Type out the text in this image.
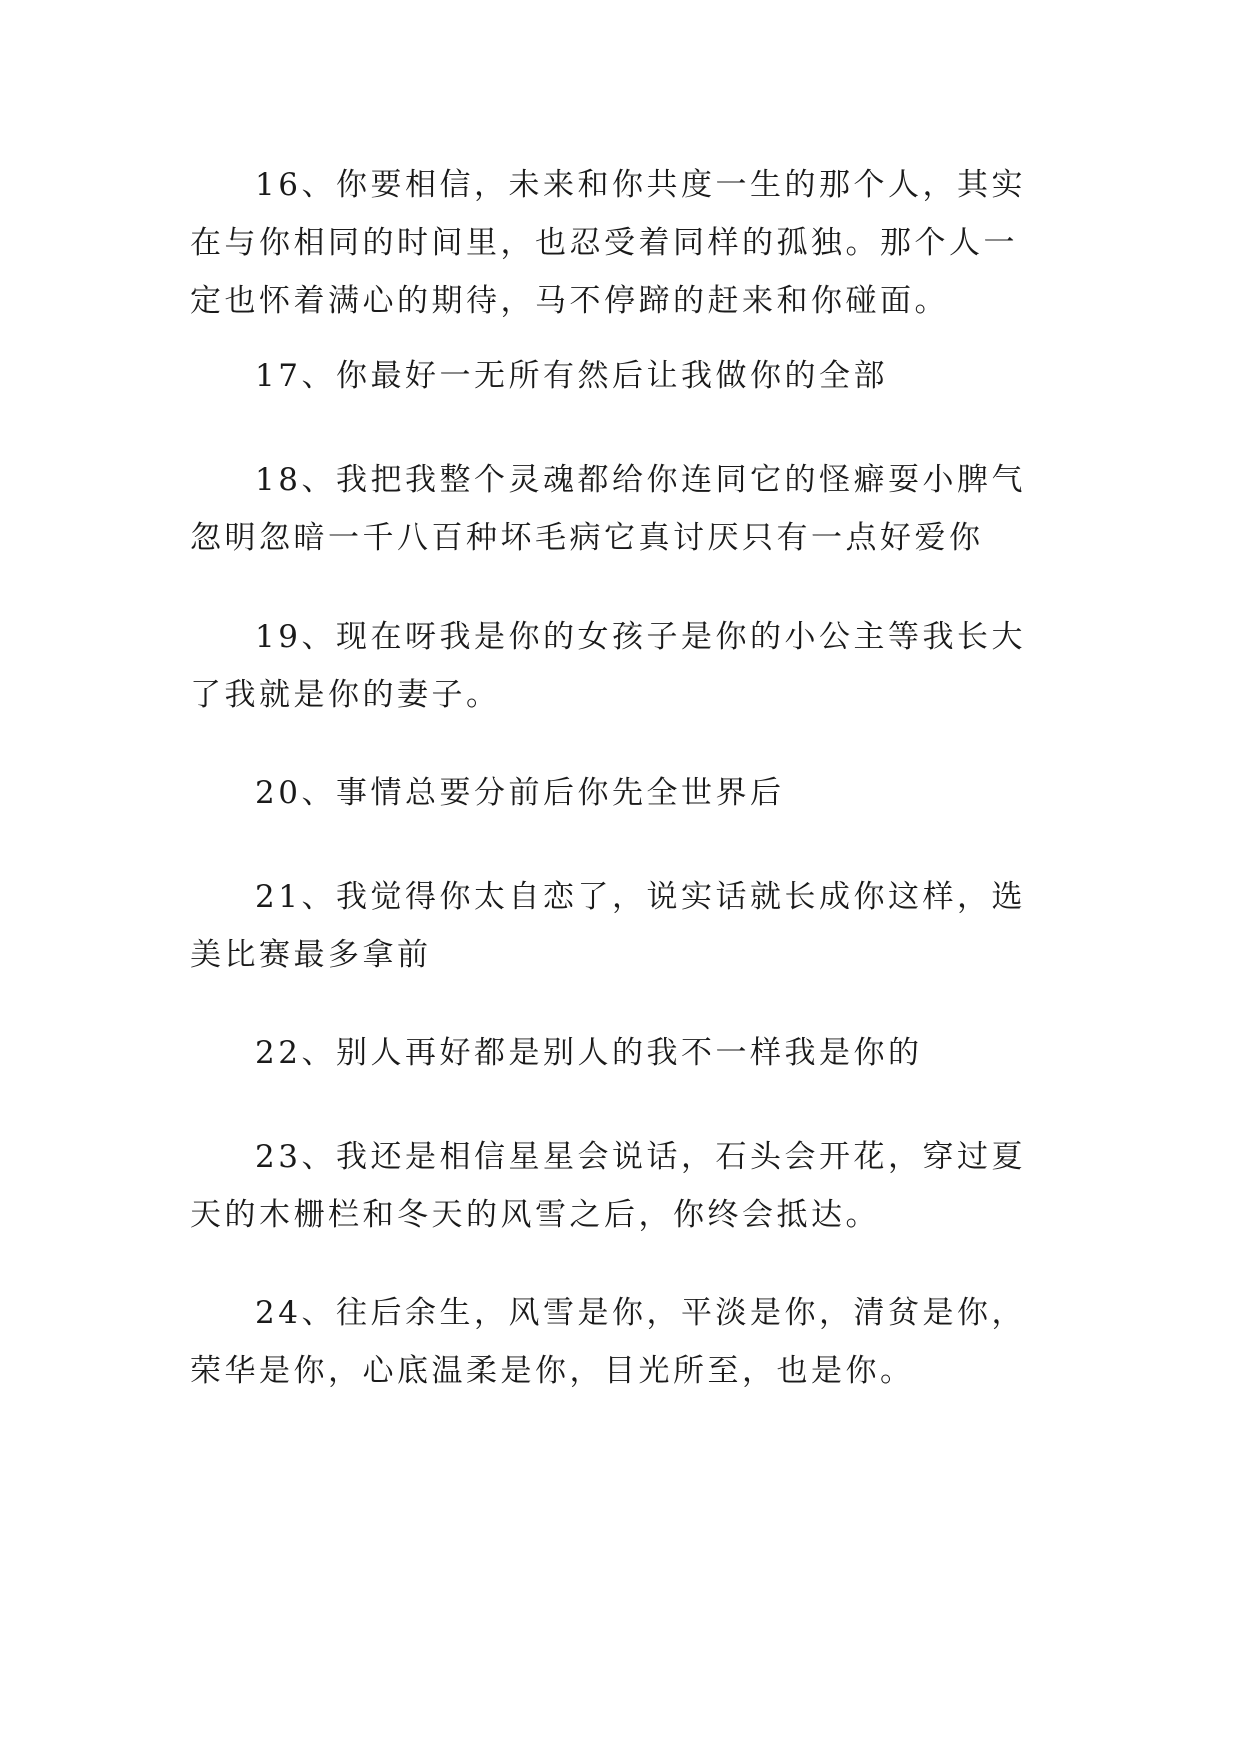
16、你要相信，未来和你共度一生的那个人，其实在与你相同的时间里，也忍受着同样的孤独。那个人一定也怀着满心的期待，马不停蹄的赶来和你碰面。

17、你最好一无所有然后让我做你的全部

18、我把我整个灵魂都给你连同它的怪癖耍小脾气忽明忽暗一千八百种坏毛病它真讨厌只有一点好爱你

19、现在呀我是你的女孩子是你的小公主等我长大了我就是你的妻子。

20、事情总要分前后你先全世界后

21、我觉得你太自恋了，说实话就长成你这样，选美比赛最多拿前

22、别人再好都是别人的我不一样我是你的

23、我还是相信星星会说话，石头会开花，穿过夏天的木栅栏和冬天的风雪之后，你终会抵达。

24、往后余生，风雪是你，平淡是你，清贫是你，荣华是你，心底温柔是你，目光所至，也是你。
